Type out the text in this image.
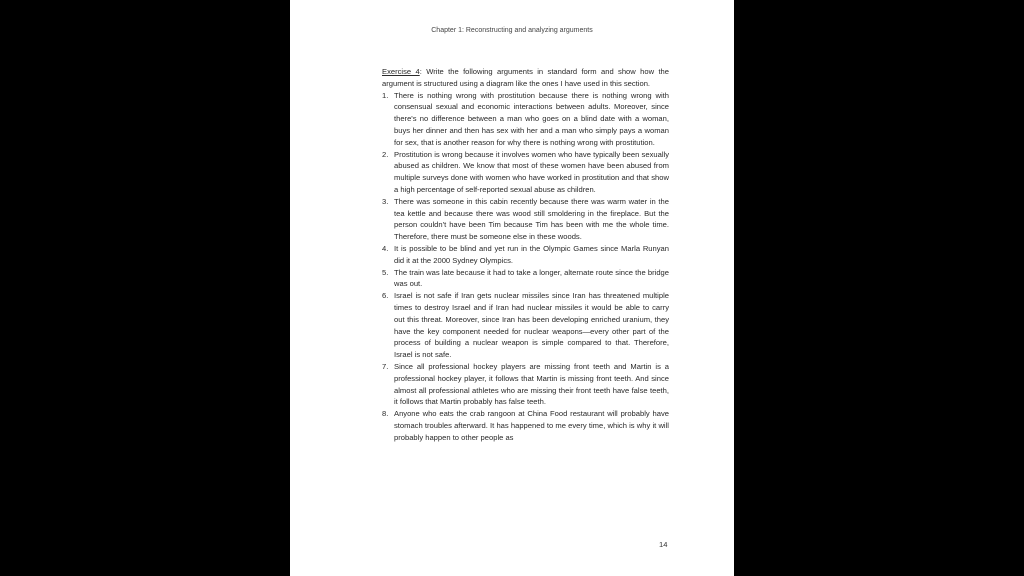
Chapter 1: Reconstructing and analyzing arguments

Exercise 4: Write the following arguments in standard form and show how the argument is structured using a diagram like the ones I have used in this section.

1. There is nothing wrong with prostitution because there is nothing wrong with consensual sexual and economic interactions between adults. Moreover, since there's no difference between a man who goes on a blind date with a woman, buys her dinner and then has sex with her and a man who simply pays a woman for sex, that is another reason for why there is nothing wrong with prostitution.
2. Prostitution is wrong because it involves women who have typically been sexually abused as children. We know that most of these women have been abused from multiple surveys done with women who have worked in prostitution and that show a high percentage of self-reported sexual abuse as children.
3. There was someone in this cabin recently because there was warm water in the tea kettle and because there was wood still smoldering in the fireplace. But the person couldn't have been Tim because Tim has been with me the whole time. Therefore, there must be someone else in these woods.
4. It is possible to be blind and yet run in the Olympic Games since Marla Runyan did it at the 2000 Sydney Olympics.
5. The train was late because it had to take a longer, alternate route since the bridge was out.
6. Israel is not safe if Iran gets nuclear missiles since Iran has threatened multiple times to destroy Israel and if Iran had nuclear missiles it would be able to carry out this threat. Moreover, since Iran has been developing enriched uranium, they have the key component needed for nuclear weapons—every other part of the process of building a nuclear weapon is simple compared to that. Therefore, Israel is not safe.
7. Since all professional hockey players are missing front teeth and Martin is a professional hockey player, it follows that Martin is missing front teeth. And since almost all professional athletes who are missing their front teeth have false teeth, it follows that Martin probably has false teeth.
8. Anyone who eats the crab rangoon at China Food restaurant will probably have stomach troubles afterward. It has happened to me every time, which is why it will probably happen to other people as
14
